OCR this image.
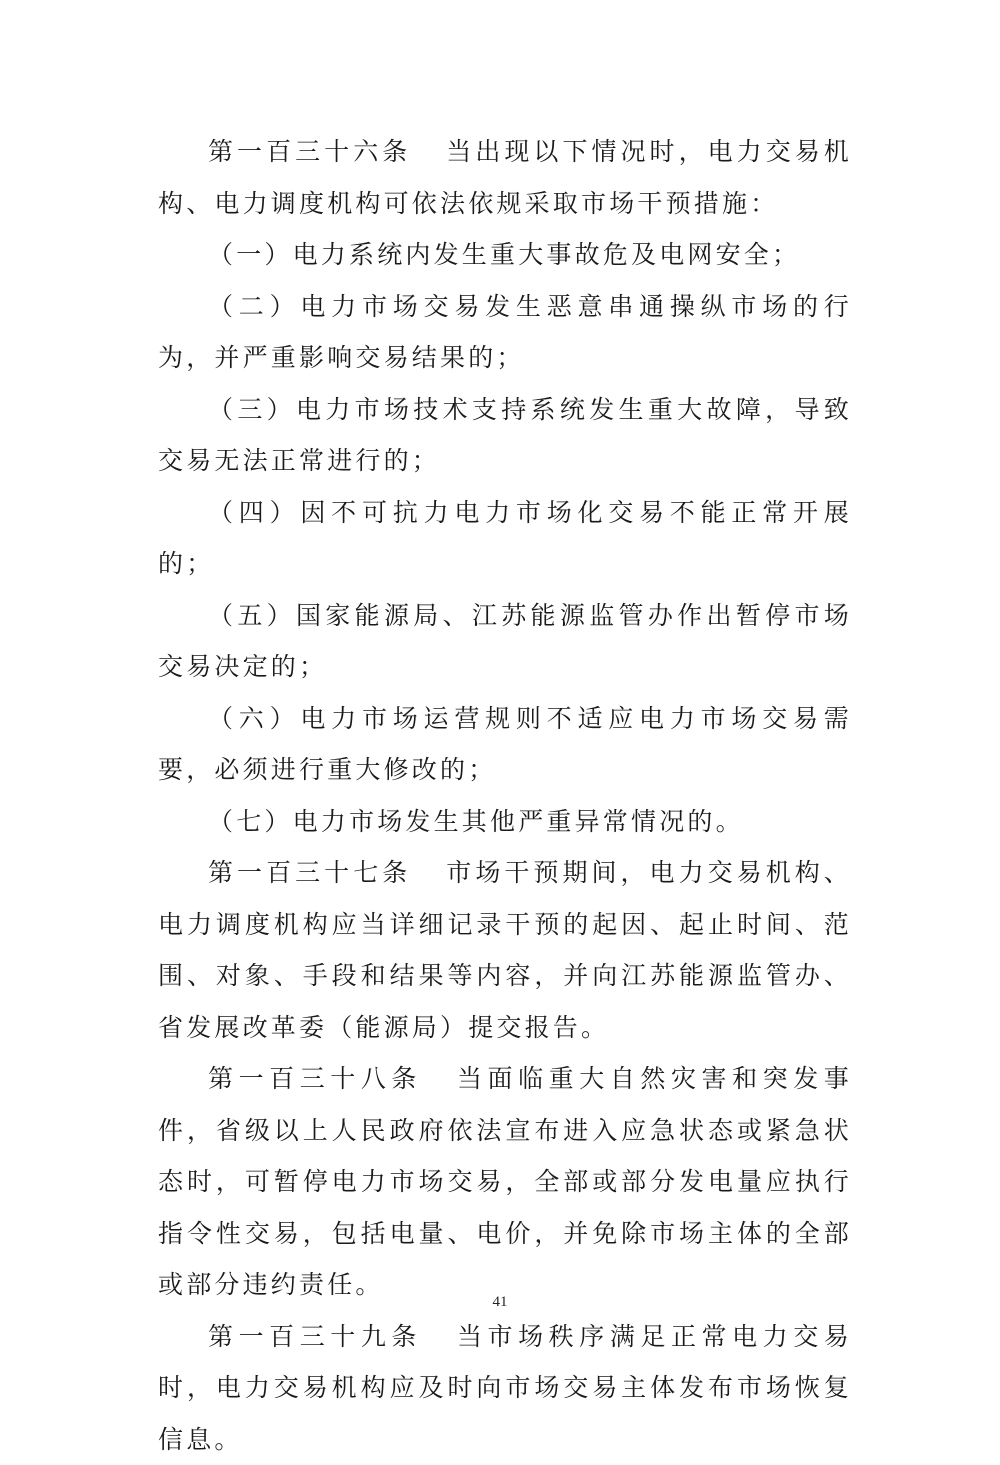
第一百三十六条 当出现以下情况时，电力交易机构、电力调度机构可依法依规采取市场干预措施：

（一）电力系统内发生重大事故危及电网安全；

（二）电力市场交易发生恶意串通操纵市场的行为，并严重影响交易结果的；

（三）电力市场技术支持系统发生重大故障，导致交易无法正常进行的；

（四）因不可抗力电力市场化交易不能正常开展的；

（五）国家能源局、江苏能源监管办作出暂停市场交易决定的；

（六）电力市场运营规则不适应电力市场交易需要，必须进行重大修改的；

（七）电力市场发生其他严重异常情况的。

第一百三十七条 市场干预期间，电力交易机构、电力调度机构应当详细记录干预的起因、起止时间、范围、对象、手段和结果等内容，并向江苏能源监管办、省发展改革委（能源局）提交报告。

第一百三十八条 当面临重大自然灾害和突发事件，省级以上人民政府依法宣布进入应急状态或紧急状态时，可暂停电力市场交易，全部或部分发电量应执行指令性交易，包括电量、电价，并免除市场主体的全部或部分违约责任。

第一百三十九条 当市场秩序满足正常电力交易时，电力交易机构应及时向市场交易主体发布市场恢复信息。

41
